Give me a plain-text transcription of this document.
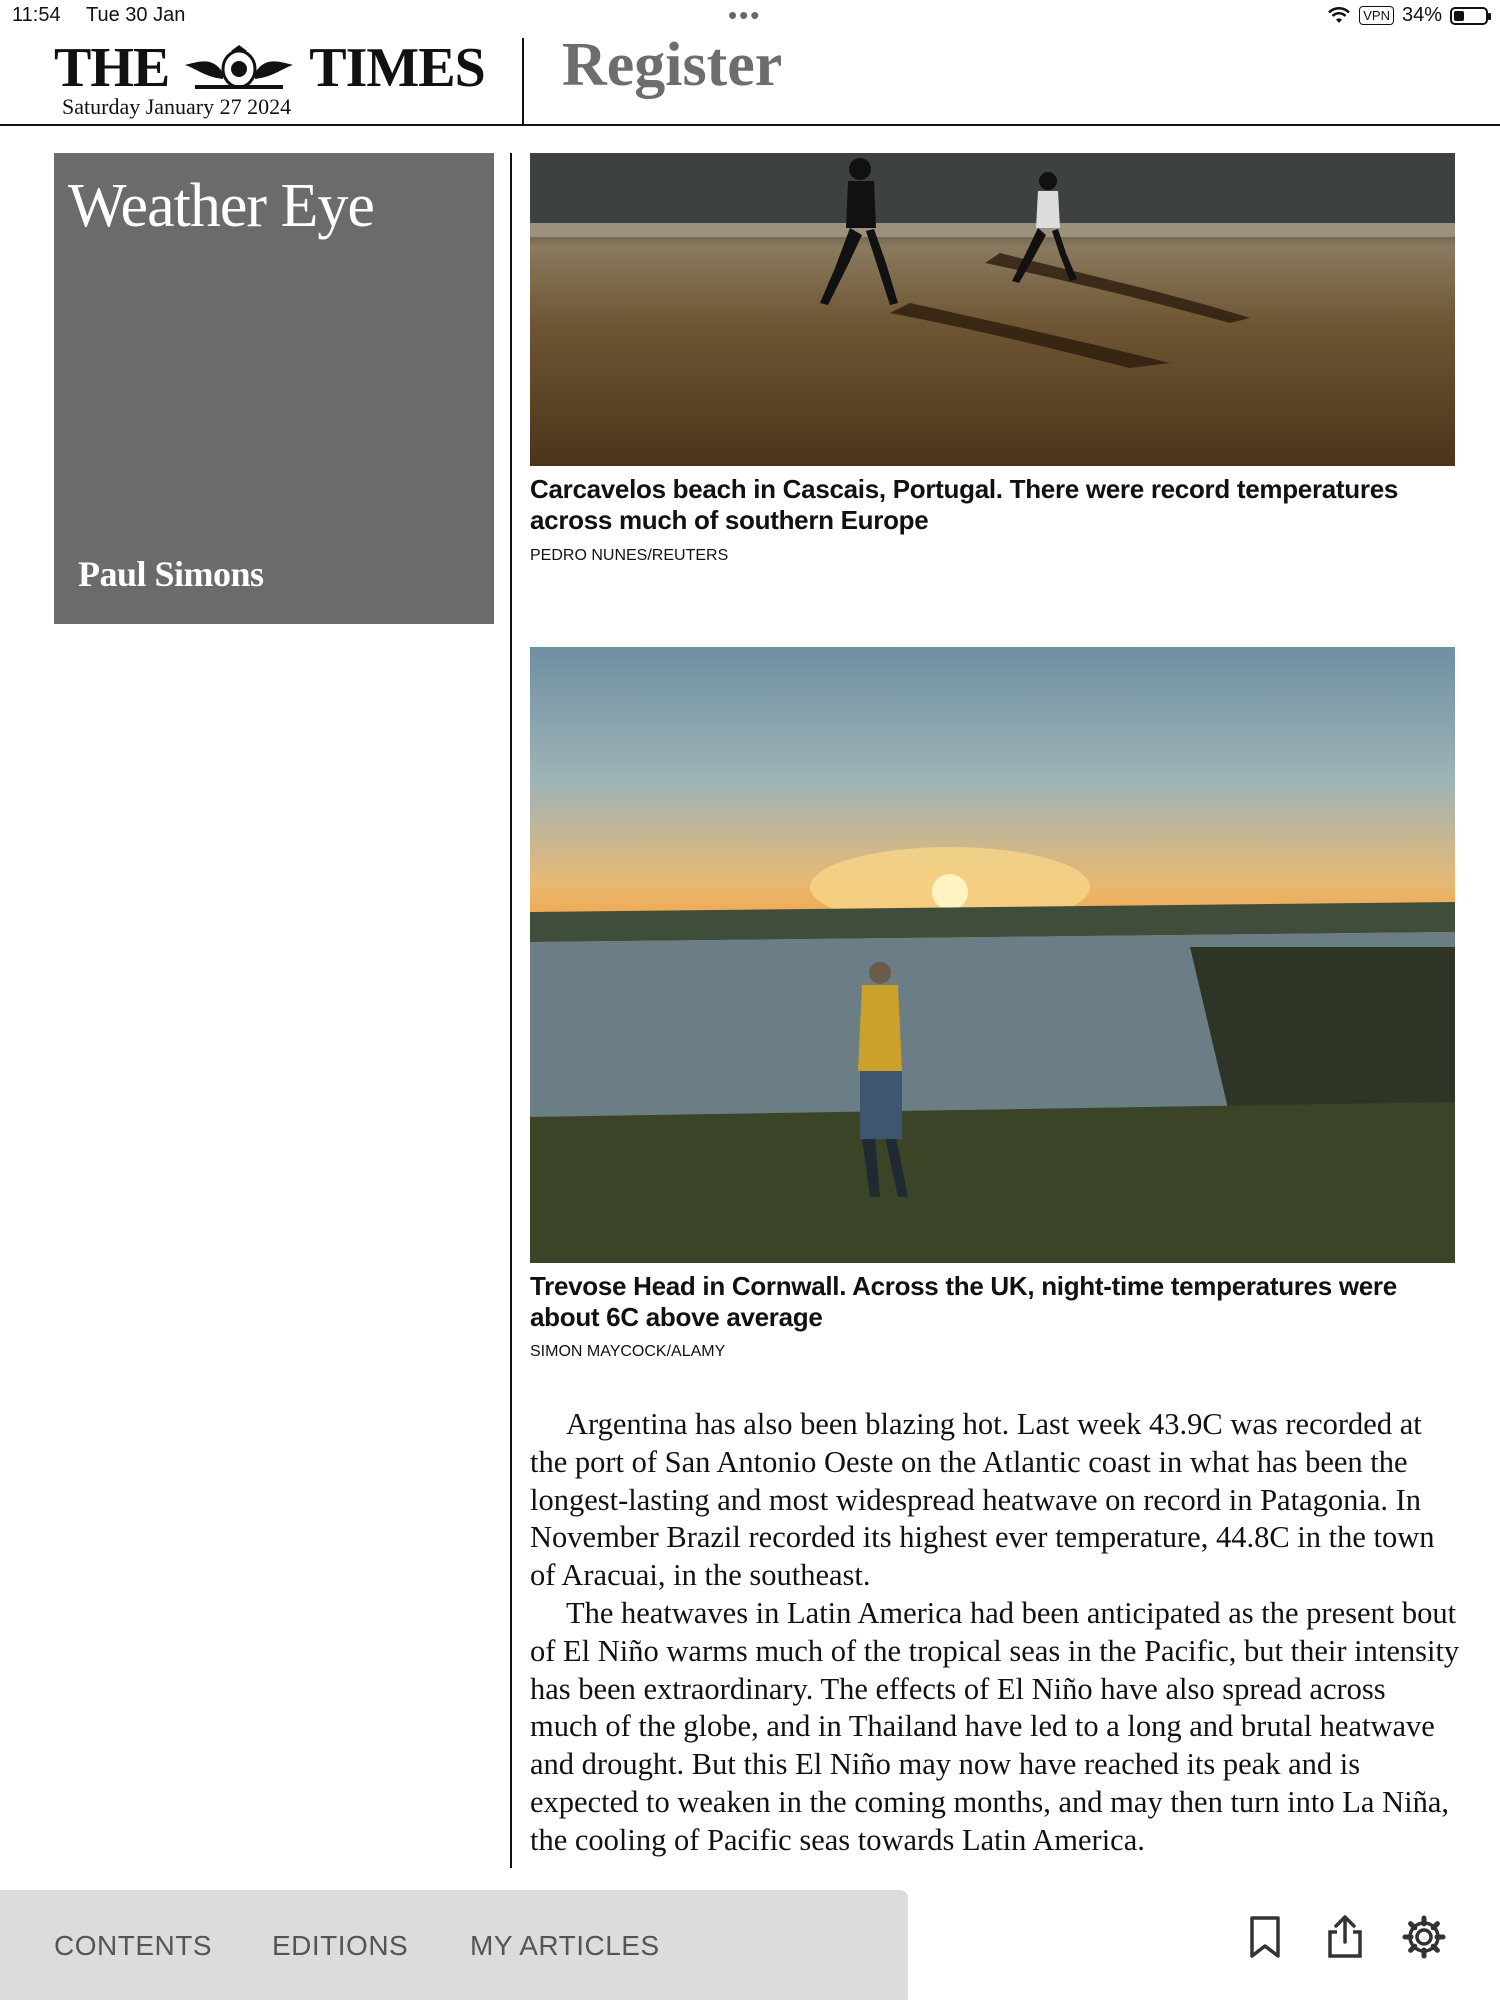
11:54 Tue 30 Jan	•••	VPN 34%
THE	TIMES
Saturday January 27 2024
Register
Weather Eye
Paul Simons
Carcavelos beach in Cascais, Portugal. There were record temperatures across much of southern Europe
PEDRO NUNES/REUTERS
Trevose Head in Cornwall. Across the UK, night-time temperatures were about 6C above average
SIMON MAYCOCK/ALAMY

Argentina has also been blazing hot. Last week 43.9C was recorded at the port of San Antonio Oeste on the Atlantic coast in what has been the longest-lasting and most widespread heatwave on record in Patagonia. In November Brazil recorded its highest ever temperature, 44.8C in the town of Aracuai, in the southeast.

The heatwaves in Latin America had been anticipated as the present bout of El Niño warms much of the tropical seas in the Pacific, but their intensity has been extraordinary. The effects of El Niño have also spread across much of the globe, and in Thailand have led to a long and brutal heatwave and drought. But this El Niño may now have reached its peak and is expected to weaken in the coming months, and may then turn into La Niña, the cooling of Pacific seas towards Latin America.

CONTENTS EDITIONS MY ARTICLES
